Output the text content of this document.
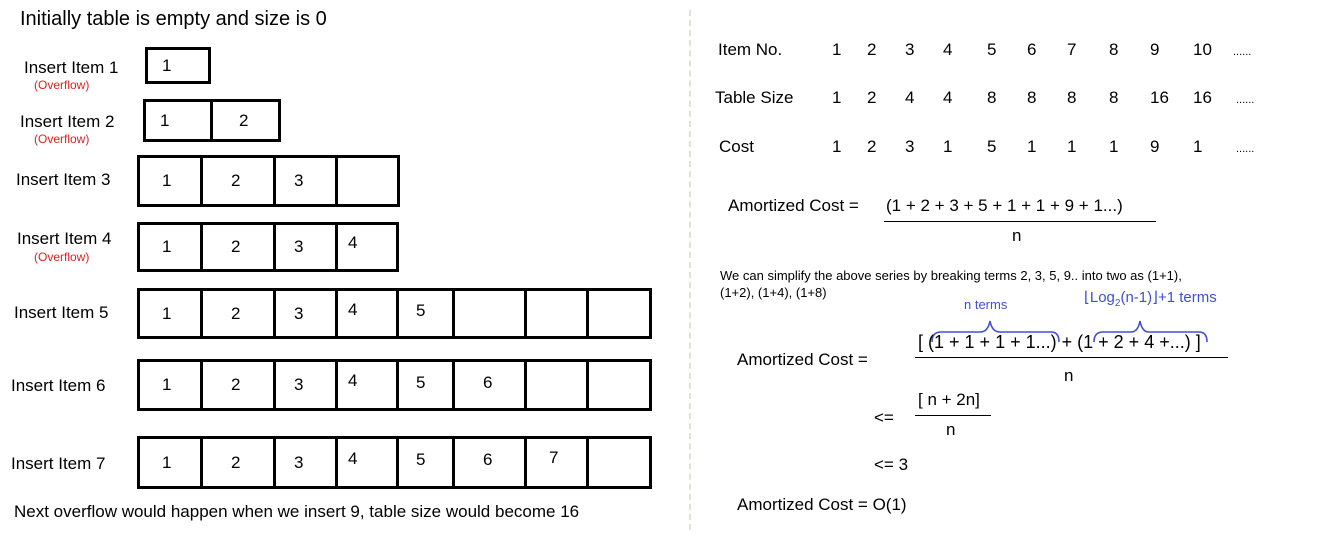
Initially table is empty and size is 0
Insert Item 1
(Overflow)
1
Insert Item 2
(Overflow)
1	2
Insert Item 3	1	2	3
Insert Item 4
(Overflow)
1	2	3	4
Insert Item 5	1	2	3	4	5
Insert Item 6	1	2	3	4	5	6
Insert Item 7	1	2	3	4	5	6	7
Next overflow would happen when we insert 9, table size would become 16
Item No.	1 2 3 4 5 6 7 8 9 10 ......
Table Size 1 2 4 4 8 8 8 8 16 16 ......
Cost	1 2 3 1 5 1 1 1 9 1	......
Amortized Cost = (1 + 2 + 3 + 5 + 1 + 1 + 9 + 1...)
n
We can simplify the above series by breaking terms 2, 3, 5, 9.. into two as (1+1),
(1+2), (1+4), (1+8)
n terms	⌊Log$_2$(n-1)⌋+1 terms
Amortized Cost =
[ (1 + 1 + 1 + 1...) + (1 + 2 + 4 +...) ]
n
<=
[ n + 2n]
n
<= 3
Amortized Cost = O(1)
